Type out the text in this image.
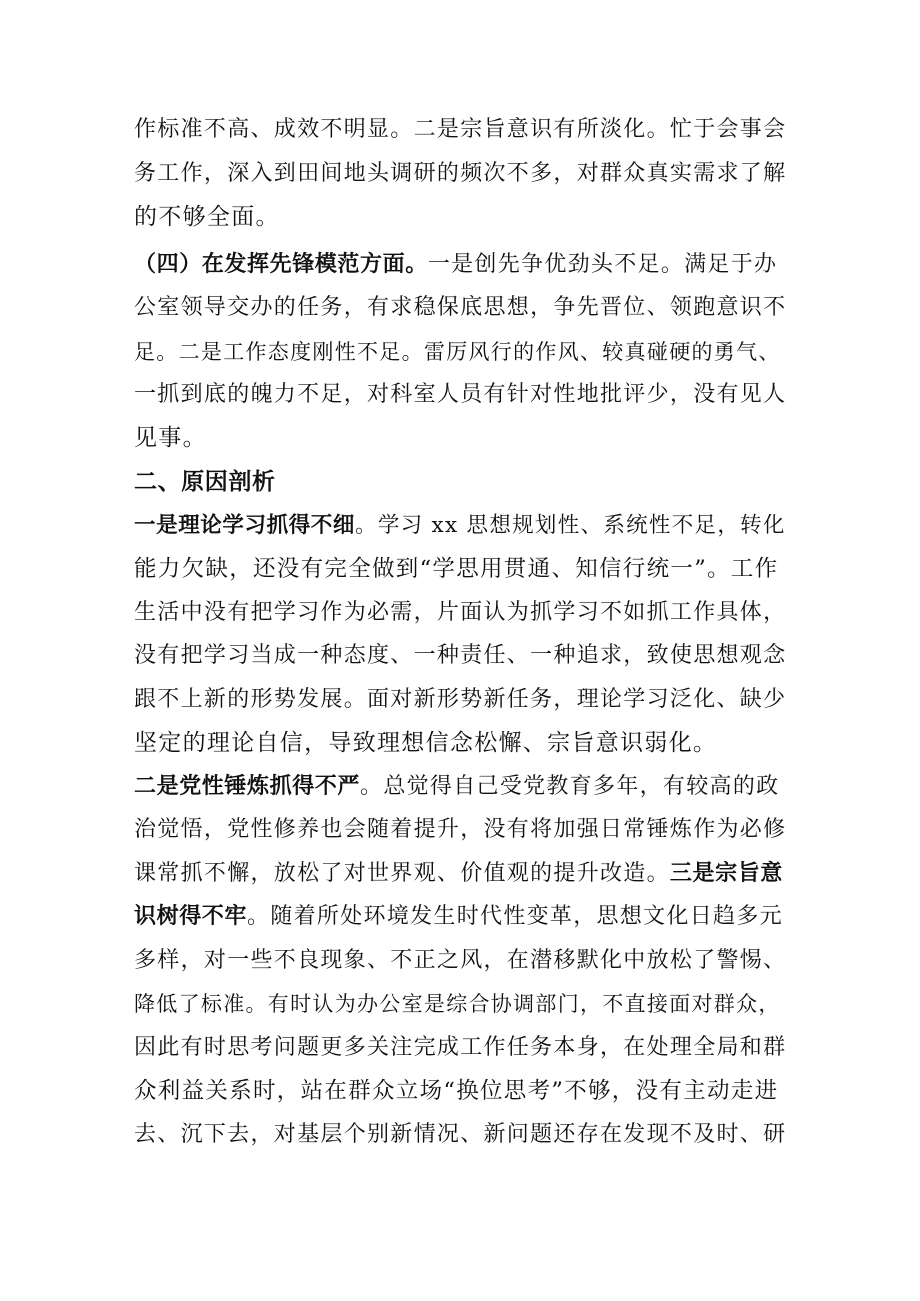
作标准不高、成效不明显。二是宗旨意识有所淡化。忙于会事会
务工作，深入到田间地头调研的频次不多，对群众真实需求了解
的不够全面。
（四）在发挥先锋模范方面。一是创先争优劲头不足。满足于办
公室领导交办的任务，有求稳保底思想，争先晋位、领跑意识不
足。二是工作态度刚性不足。雷厉风行的作风、较真碰硬的勇气、
一抓到底的魄力不足，对科室人员有针对性地批评少，没有见人
见事。
二、原因剖析
一是理论学习抓得不细。学习 xx 思想规划性、系统性不足，转化
能力欠缺，还没有完全做到“学思用贯通、知信行统一”。工作
生活中没有把学习作为必需，片面认为抓学习不如抓工作具体，
没有把学习当成一种态度、一种责任、一种追求，致使思想观念
跟不上新的形势发展。面对新形势新任务，理论学习泛化、缺少
坚定的理论自信，导致理想信念松懈、宗旨意识弱化。
二是党性锤炼抓得不严。总觉得自己受党教育多年，有较高的政
治觉悟，党性修养也会随着提升，没有将加强日常锤炼作为必修
课常抓不懈，放松了对世界观、价值观的提升改造。三是宗旨意
识树得不牢。随着所处环境发生时代性变革，思想文化日趋多元
多样，对一些不良现象、不正之风，在潜移默化中放松了警惕、
降低了标准。有时认为办公室是综合协调部门，不直接面对群众，
因此有时思考问题更多关注完成工作任务本身，在处理全局和群
众利益关系时，站在群众立场“换位思考”不够，没有主动走进
去、沉下去，对基层个别新情况、新问题还存在发现不及时、研
